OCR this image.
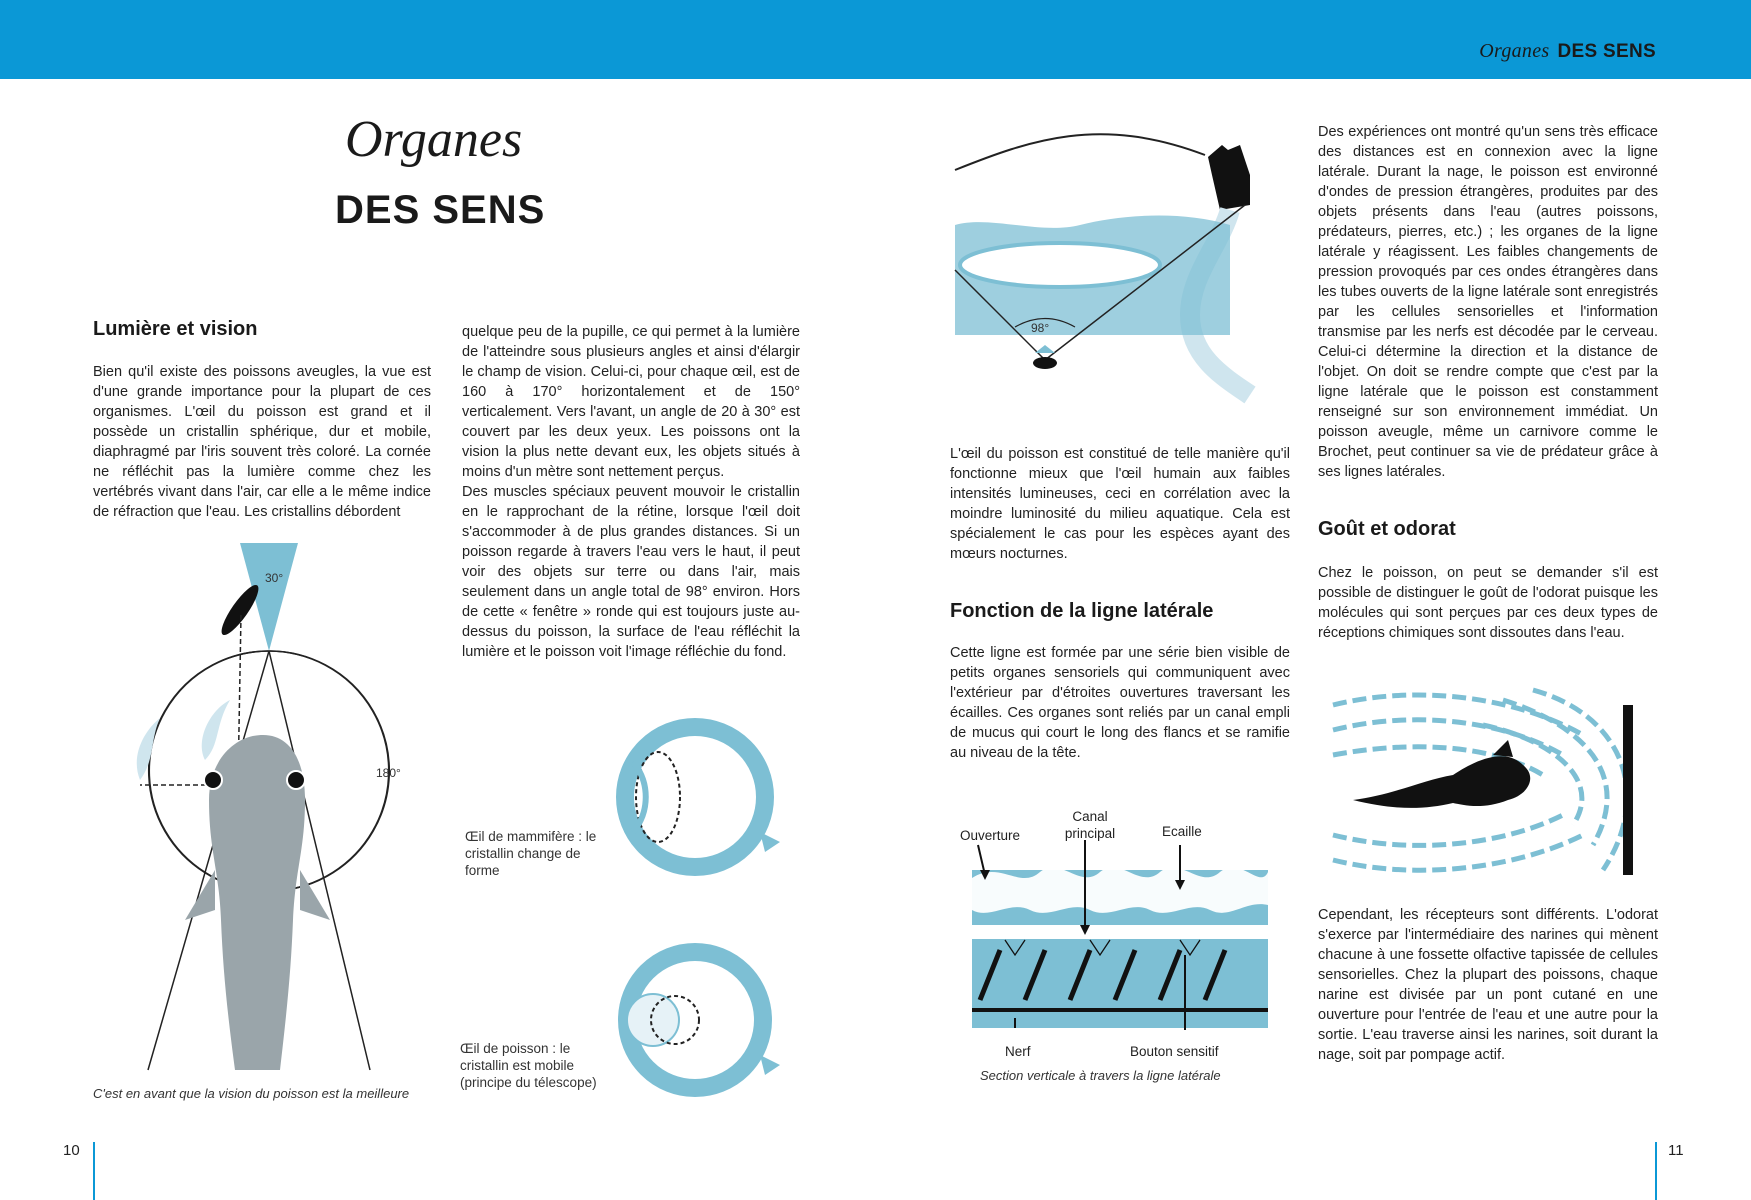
Organes DES SENS
Organes
DES SENS
Lumière et vision
Bien qu'il existe des poissons aveugles, la vue est d'une grande importance pour la plupart de ces organismes. L'œil du poisson est grand et il possède un cristallin sphérique, dur et mobile, diaphragmé par l'iris souvent très coloré. La cornée ne réfléchit pas la lumière comme chez les vertébrés vivant dans l'air, car elle a le même indice de réfraction que l'eau. Les cristallins débordent
quelque peu de la pupille, ce qui permet à la lumière de l'atteindre sous plusieurs angles et ainsi d'élargir le champ de vision. Celui-ci, pour chaque œil, est de 160 à 170° horizontalement et de 150° verticalement. Vers l'avant, un angle de 20 à 30° est couvert par les deux yeux. Les poissons ont la vision la plus nette devant eux, les objets situés à moins d'un mètre sont nettement perçus.
Des muscles spéciaux peuvent mouvoir le cristallin en le rapprochant de la rétine, lorsque l'œil doit s'accommoder à de plus grandes distances. Si un poisson regarde à travers l'eau vers le haut, il peut voir des objets sur terre ou dans l'air, mais seulement dans un angle total de 98° environ. Hors de cette « fenêtre » ronde qui est toujours juste au-dessus du poisson, la surface de l'eau réfléchit la lumière et le poisson voit l'image réfléchie du fond.
30°
180°
C'est en avant que la vision du poisson est la meilleure
Œil de mammifère : le cristallin change de forme
Œil de poisson : le cristallin est mobile (principe du télescope)
98°
L'œil du poisson est constitué de telle manière qu'il fonctionne mieux que l'œil humain aux faibles intensités lumineuses, ceci en corrélation avec la moindre luminosité du milieu aquatique. Cela est spécialement le cas pour les espèces ayant des mœurs nocturnes.
Fonction de la ligne latérale
Cette ligne est formée par une série bien visible de petits organes sensoriels qui communiquent avec l'extérieur par d'étroites ouvertures traversant les écailles. Ces organes sont reliés par un canal empli de mucus qui court le long des flancs et se ramifie au niveau de la tête.
Ouverture
Canal principal	Ecaille
Nerf	Bouton sensitif
Section verticale à travers la ligne latérale
Des expériences ont montré qu'un sens très efficace des distances est en connexion avec la ligne latérale. Durant la nage, le poisson est environné d'ondes de pression étrangères, produites par des objets présents dans l'eau (autres poissons, prédateurs, pierres, etc.) ; les organes de la ligne latérale y réagissent. Les faibles changements de pression provoqués par ces ondes étrangères dans les tubes ouverts de la ligne latérale sont enregistrés par les cellules sensorielles et l'information transmise par les nerfs est décodée par le cerveau. Celui-ci détermine la direction et la distance de l'objet. On doit se rendre compte que c'est par la ligne latérale que le poisson est constamment renseigné sur son environnement immédiat. Un poisson aveugle, même un carnivore comme le Brochet, peut continuer sa vie de prédateur grâce à ses lignes latérales.
Goût et odorat
Chez le poisson, on peut se demander s'il est possible de distinguer le goût de l'odorat puisque les molécules qui sont perçues par ces deux types de réceptions chimiques sont dissoutes dans l'eau.
Cependant, les récepteurs sont différents. L'odorat s'exerce par l'intermédiaire des narines qui mènent chacune à une fossette olfactive tapissée de cellules sensorielles. Chez la plupart des poissons, chaque narine est divisée par un pont cutané en une ouverture pour l'entrée de l'eau et une autre pour la sortie. L'eau traverse ainsi les narines, soit durant la nage, soit par pompage actif.
10	11
